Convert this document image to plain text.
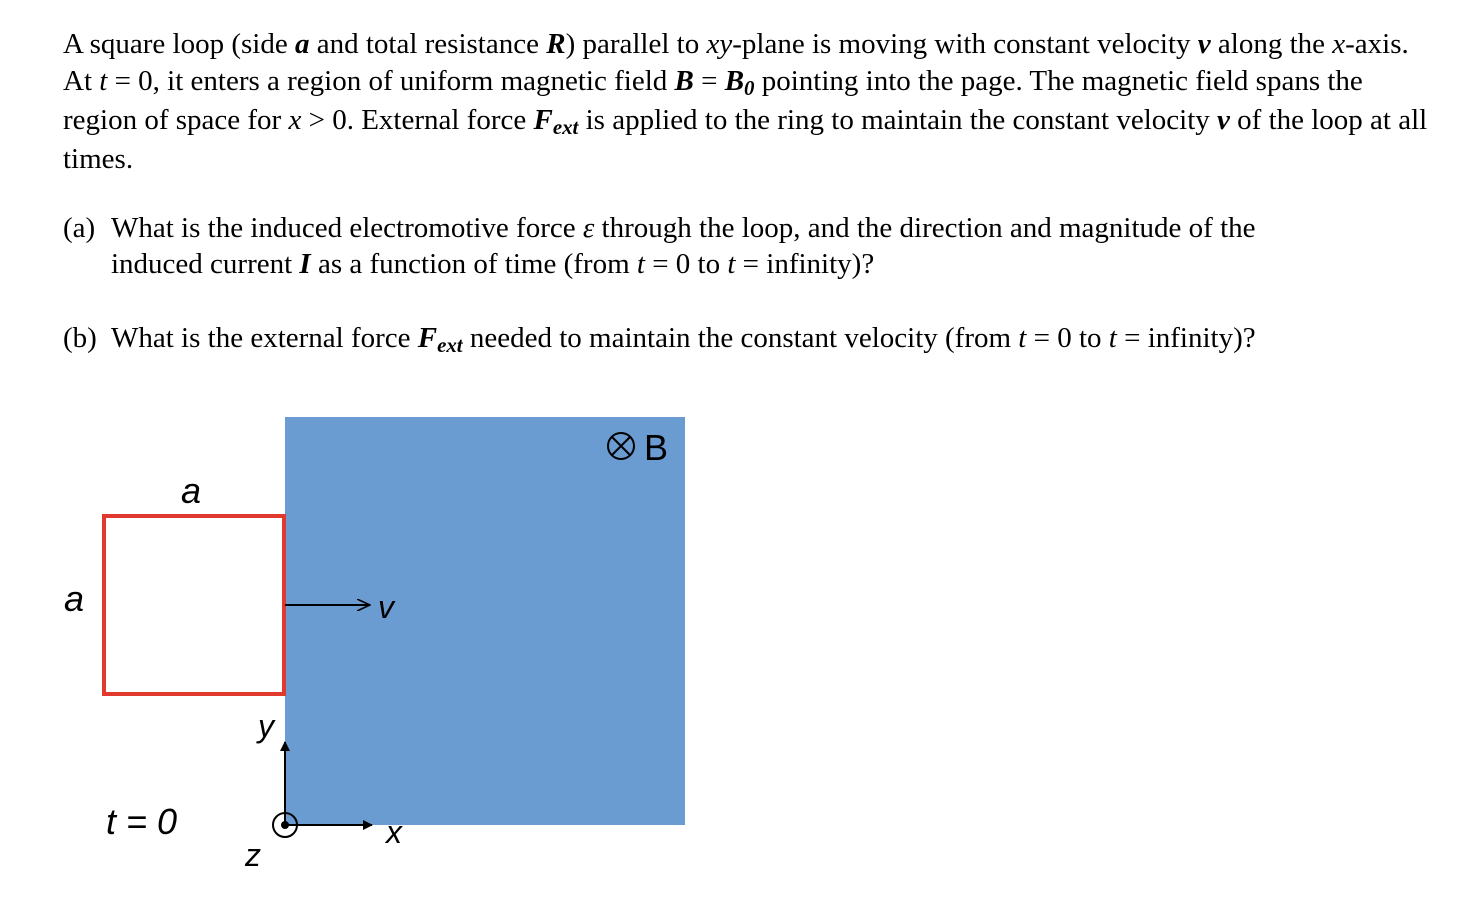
A square loop (side a and total resistance R) parallel to xy-plane is moving with constant velocity v along the x-axis. At t = 0, it enters a region of uniform magnetic field B = B0 pointing into the page. The magnetic field spans the region of space for x > 0. External force Fext is applied to the ring to maintain the constant velocity v of the loop at all times.

(a) What is the induced electromotive force ε through the loop, and the direction and magnitude of the
induced current I as a function of time (from t = 0 to t = infinity)?
(b) What is the external force Fext needed to maintain the constant velocity (from t = 0 to t = infinity)?
B
a
a	v
y
x
z
t = 0
